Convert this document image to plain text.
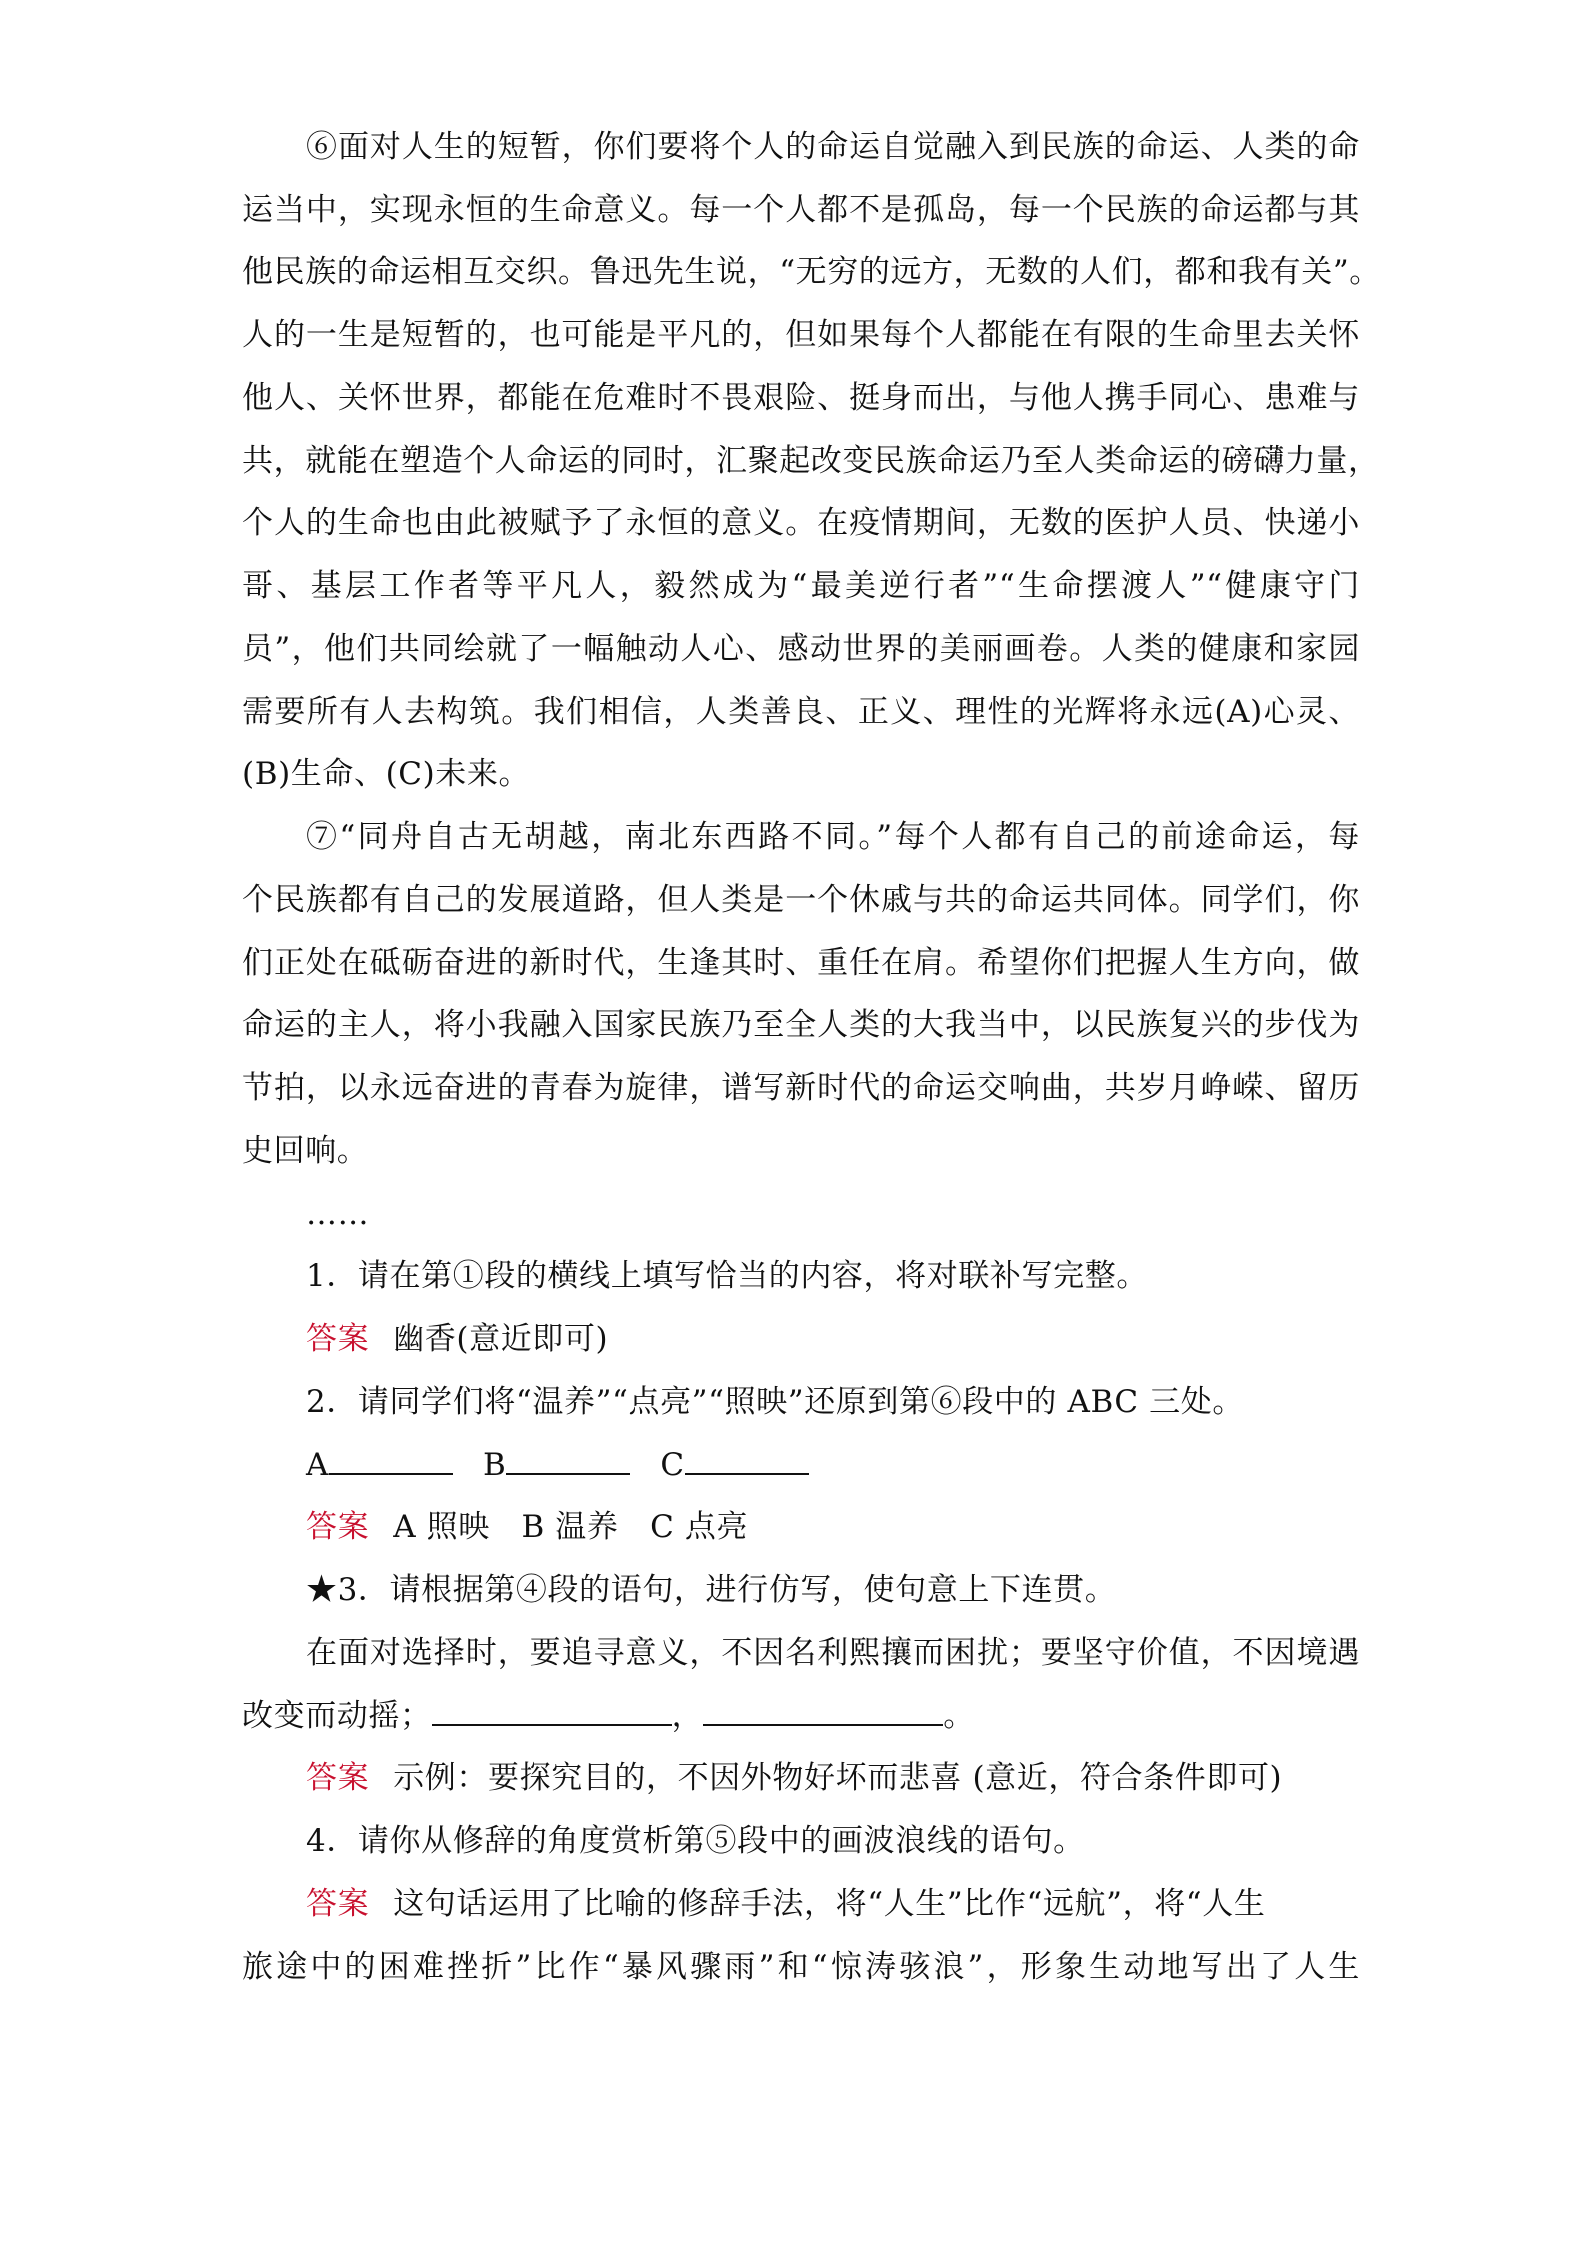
⑥面对人生的短暂，你们要将个人的命运自觉融入到民族的命运、人类的命
运当中，实现永恒的生命意义。每一个人都不是孤岛，每一个民族的命运都与其
他民族的命运相互交织。鲁迅先生说，“无穷的远方，无数的人们，都和我有关”。
人的一生是短暂的，也可能是平凡的，但如果每个人都能在有限的生命里去关怀
他人、关怀世界，都能在危难时不畏艰险、挺身而出，与他人携手同心、患难与
共，就能在塑造个人命运的同时，汇聚起改变民族命运乃至人类命运的磅礴力量，
个人的生命也由此被赋予了永恒的意义。在疫情期间，无数的医护人员、快递小
哥、基层工作者等平凡人，毅然成为“最美逆行者”“生命摆渡人”“健康守门
员”，他们共同绘就了一幅触动人心、感动世界的美丽画卷。人类的健康和家园
需要所有人去构筑。我们相信，人类善良、正义、理性的光辉将永远(A)心灵、
(B)生命、(C)未来。
⑦“同舟自古无胡越，南北东西路不同。”每个人都有自己的前途命运，每
个民族都有自己的发展道路，但人类是一个休戚与共的命运共同体。同学们，你
们正处在砥砺奋进的新时代，生逢其时、重任在肩。希望你们把握人生方向，做
命运的主人，将小我融入国家民族乃至全人类的大我当中，以民族复兴的步伐为
节拍，以永远奋进的青春为旋律，谱写新时代的命运交响曲，共岁月峥嵘、留历
史回响。
……
1．请在第①段的横线上填写恰当的内容，将对联补写完整。
答案 幽香(意近即可)
2．请同学们将“温养”“点亮”“照映”还原到第⑥段中的 ABC 三处。
A	B	C
答案 A 照映　B 温养　C 点亮
★3．请根据第④段的语句，进行仿写，使句意上下连贯。
在面对选择时，要追寻意义，不因名利熙攘而困扰；要坚守价值，不因境遇
改变而动摇；	，	。
答案 示例：要探究目的，不因外物好坏而悲喜 (意近，符合条件即可)
4．请你从修辞的角度赏析第⑤段中的画波浪线的语句。
答案 这句话运用了比喻的修辞手法，将“人生”比作“远航”，将“人生
旅途中的困难挫折”比作“暴风骤雨”和“惊涛骇浪”，形象生动地写出了人生
